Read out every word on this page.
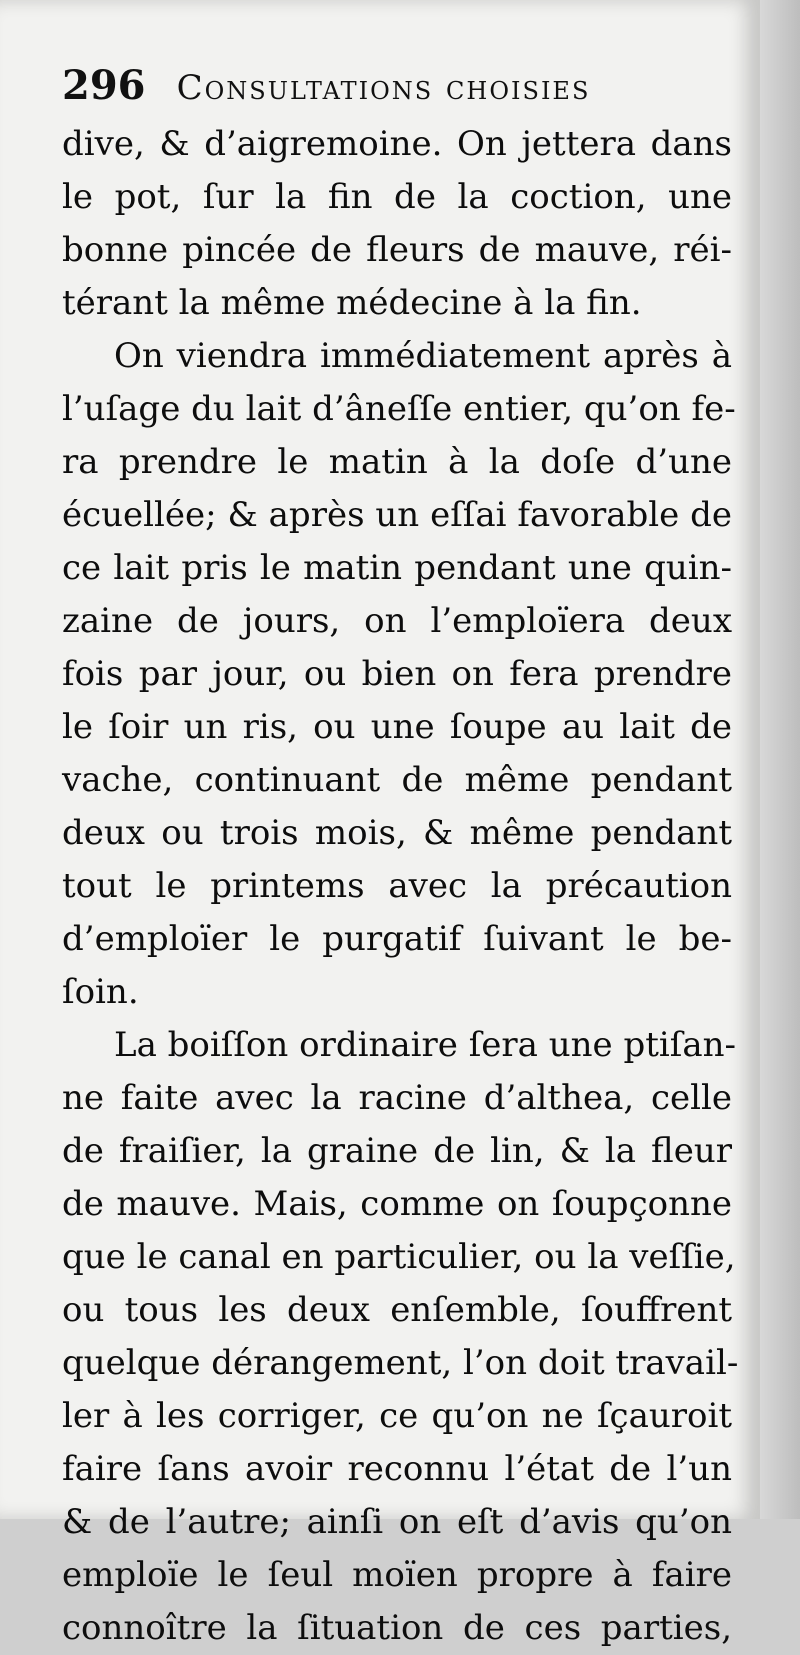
296 Consultations choisies
dive, & d’aigremoine. On jettera dans
le pot, ſur la fin de la coction, une
bonne pincée de fleurs de mauve, réi-
térant la même médecine à la fin.
On viendra immédiatement après à
l’uſage du lait d’âneſſe entier, qu’on fe-
ra prendre le matin à la doſe d’une
écuellée; & après un eſſai favorable de
ce lait pris le matin pendant une quin-
zaine de jours, on l’emploïera deux
fois par jour, ou bien on fera prendre
le ſoir un ris, ou une ſoupe au lait de
vache, continuant de même pendant
deux ou trois mois, & même pendant
tout le printems avec la précaution
d’emploïer le purgatif ſuivant le be-
ſoin.
La boiſſon ordinaire ſera une ptiſan-
ne faite avec la racine d’althea, celle
de fraiſier, la graine de lin, & la fleur
de mauve. Mais, comme on ſoupçonne
que le canal en particulier, ou la veſſie,
ou tous les deux enſemble, ſouffrent
quelque dérangement, l’on doit travail-
ler à les corriger, ce qu’on ne ſçauroit
faire ſans avoir reconnu l’état de l’un
& de l’autre; ainſi on eſt d’avis qu’on
emploïe le ſeul moïen propre à faire
connoître la ſituation de ces parties,
